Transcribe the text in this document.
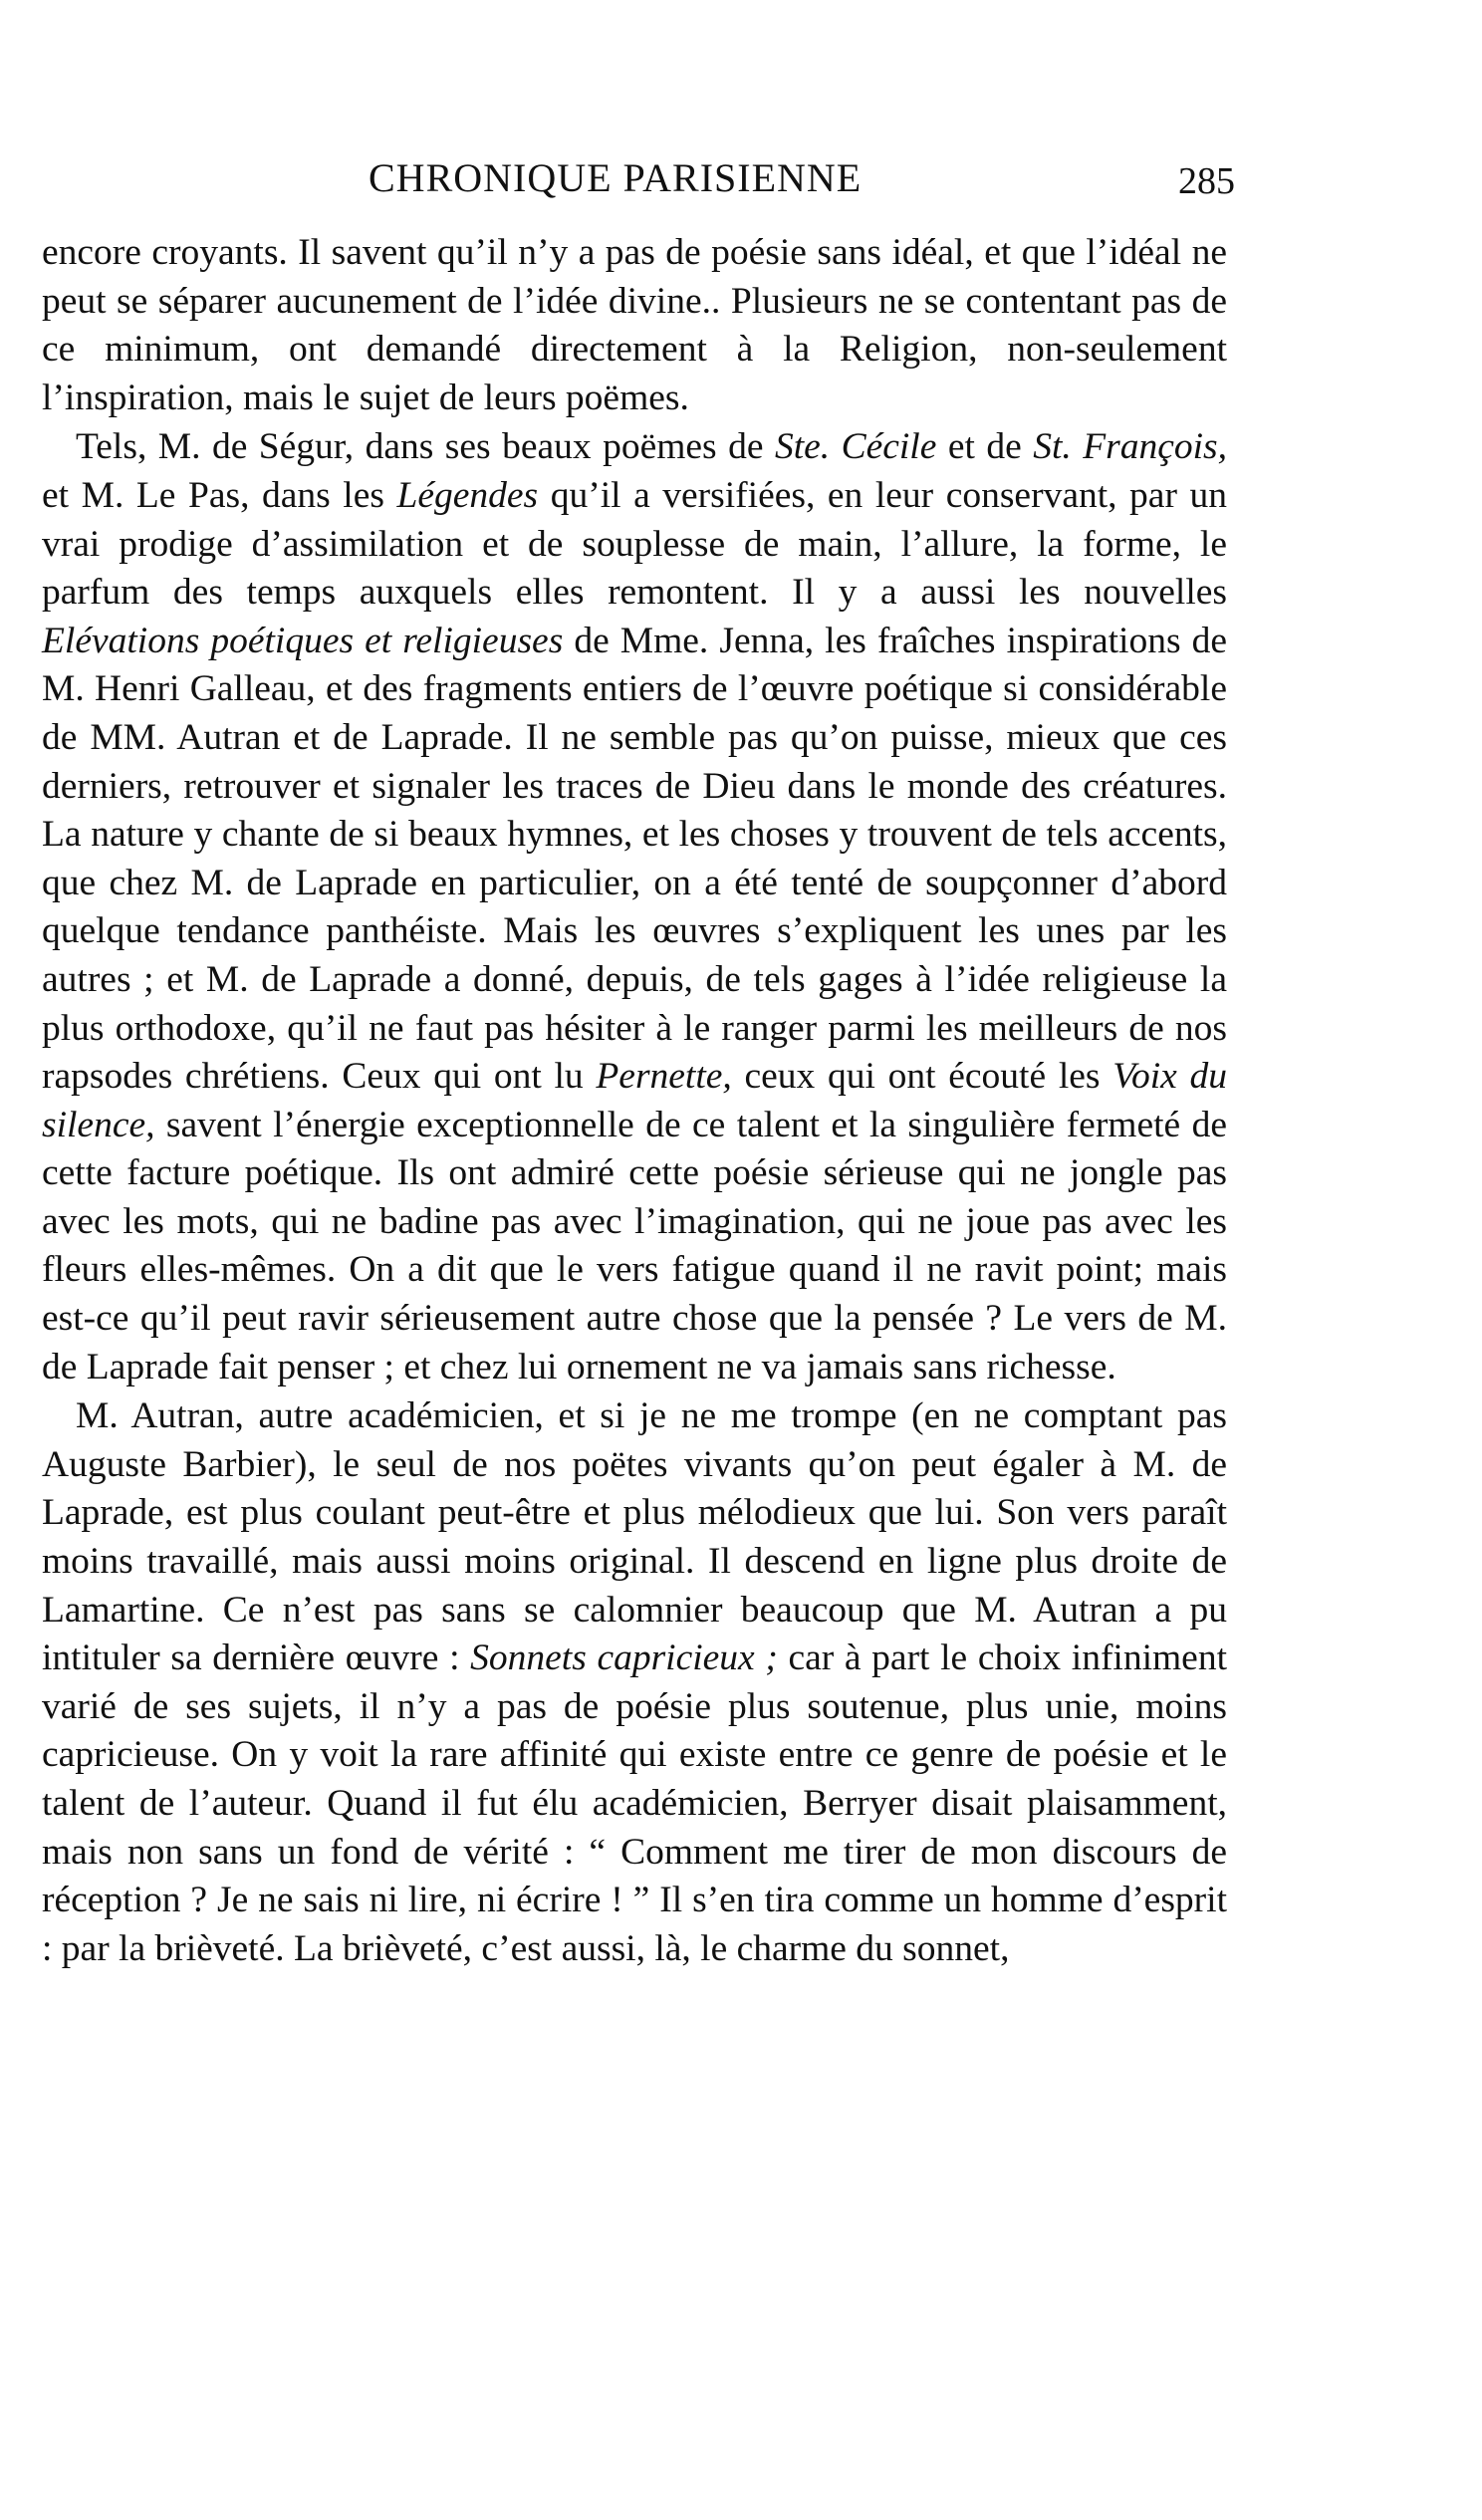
CHRONIQUE PARISIENNE	285

encore croyants. Il savent qu’il n’y a pas de poésie sans idéal, et que l’idéal ne peut se séparer aucunement de l’idée divine.. Plusieurs ne se contentant pas de ce minimum, ont demandé directement à la Religion, non-seulement l’inspiration, mais le sujet de leurs poëmes.

Tels, M. de Ségur, dans ses beaux poëmes de Ste. Cécile et de St. François, et M. Le Pas, dans les Légendes qu’il a versifiées, en leur conservant, par un vrai prodige d’assimilation et de souplesse de main, l’allure, la forme, le parfum des temps auxquels elles remontent. Il y a aussi les nouvelles Elévations poétiques et religieuses de Mme. Jenna, les fraîches inspirations de M. Henri Galleau, et des fragments entiers de l’œuvre poétique si considérable de MM. Autran et de Laprade. Il ne semble pas qu’on puisse, mieux que ces derniers, retrouver et signaler les traces de Dieu dans le monde des créatures. La nature y chante de si beaux hymnes, et les choses y trouvent de tels accents, que chez M. de Laprade en particulier, on a été tenté de soupçonner d’abord quelque tendance panthéiste. Mais les œuvres s’expliquent les unes par les autres ; et M. de Laprade a donné, depuis, de tels gages à l’idée religieuse la plus orthodoxe, qu’il ne faut pas hésiter à le ranger parmi les meilleurs de nos rapsodes chrétiens. Ceux qui ont lu Pernette, ceux qui ont écouté les Voix du silence, savent l’énergie exceptionnelle de ce talent et la singulière fermeté de cette facture poétique. Ils ont admiré cette poésie sérieuse qui ne jongle pas avec les mots, qui ne badine pas avec l’imagination, qui ne joue pas avec les fleurs elles-mêmes. On a dit que le vers fatigue quand il ne ravit point; mais est-ce qu’il peut ravir sérieusement autre chose que la pensée ? Le vers de M. de Laprade fait penser ; et chez lui ornement ne va jamais sans richesse.

M. Autran, autre académicien, et si je ne me trompe (en ne comptant pas Auguste Barbier), le seul de nos poëtes vivants qu’on peut égaler à M. de Laprade, est plus coulant peut-être et plus mélodieux que lui. Son vers paraît moins travaillé, mais aussi moins original. Il descend en ligne plus droite de Lamartine. Ce n’est pas sans se calomnier beaucoup que M. Autran a pu intituler sa dernière œuvre : Sonnets capricieux ; car à part le choix infiniment varié de ses sujets, il n’y a pas de poésie plus soutenue, plus unie, moins capricieuse. On y voit la rare affinité qui existe entre ce genre de poésie et le talent de l’auteur. Quand il fut élu académicien, Berryer disait plaisamment, mais non sans un fond de vérité : “ Comment me tirer de mon discours de réception ? Je ne sais ni lire, ni écrire ! ” Il s’en tira comme un homme d’esprit : par la brièveté. La brièveté, c’est aussi, là, le charme du sonnet,
